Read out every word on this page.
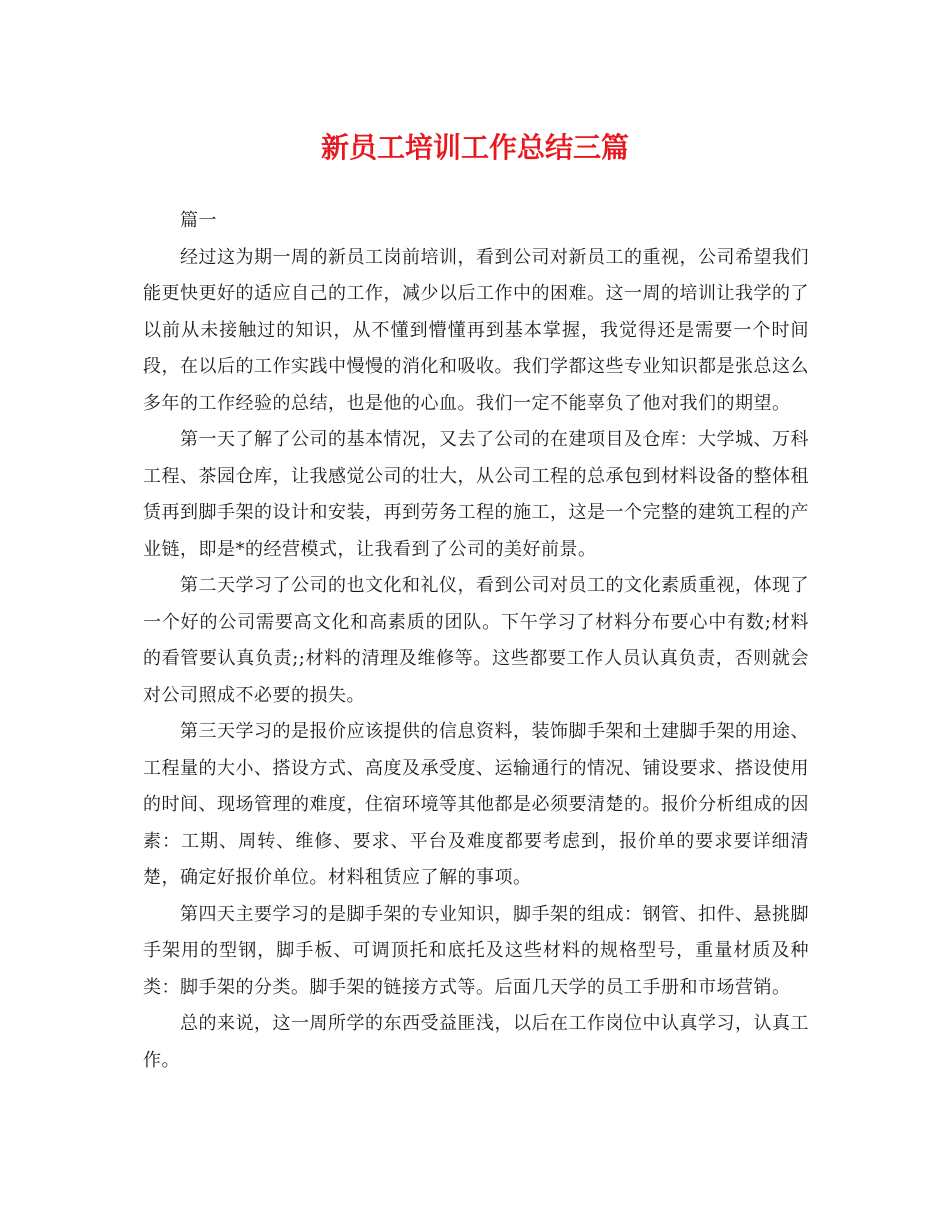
新员工培训工作总结三篇

篇一

经过这为期一周的新员工岗前培训，看到公司对新员工的重视，公司希望我们能更快更好的适应自己的工作，减少以后工作中的困难。这一周的培训让我学的了以前从未接触过的知识，从不懂到懵懂再到基本掌握，我觉得还是需要一个时间段，在以后的工作实践中慢慢的消化和吸收。我们学都这些专业知识都是张总这么多年的工作经验的总结，也是他的心血。我们一定不能辜负了他对我们的期望。

第一天了解了公司的基本情况，又去了公司的在建项目及仓库：大学城、万科工程、茶园仓库，让我感觉公司的壮大，从公司工程的总承包到材料设备的整体租赁再到脚手架的设计和安装，再到劳务工程的施工，这是一个完整的建筑工程的产业链，即是*的经营模式，让我看到了公司的美好前景。

第二天学习了公司的也文化和礼仪，看到公司对员工的文化素质重视，体现了一个好的公司需要高文化和高素质的团队。下午学习了材料分布要心中有数;材料的看管要认真负责;;材料的清理及维修等。这些都要工作人员认真负责，否则就会对公司照成不必要的损失。

第三天学习的是报价应该提供的信息资料，装饰脚手架和土建脚手架的用途、工程量的大小、搭设方式、高度及承受度、运输通行的情况、铺设要求、搭设使用的时间、现场管理的难度，住宿环境等其他都是必须要清楚的。报价分析组成的因素：工期、周转、维修、要求、平台及难度都要考虑到，报价单的要求要详细清楚，确定好报价单位。材料租赁应了解的事项。

第四天主要学习的是脚手架的专业知识，脚手架的组成：钢管、扣件、悬挑脚手架用的型钢，脚手板、可调顶托和底托及这些材料的规格型号，重量材质及种类：脚手架的分类。脚手架的链接方式等。后面几天学的员工手册和市场营销。

总的来说，这一周所学的东西受益匪浅，以后在工作岗位中认真学习，认真工作。
